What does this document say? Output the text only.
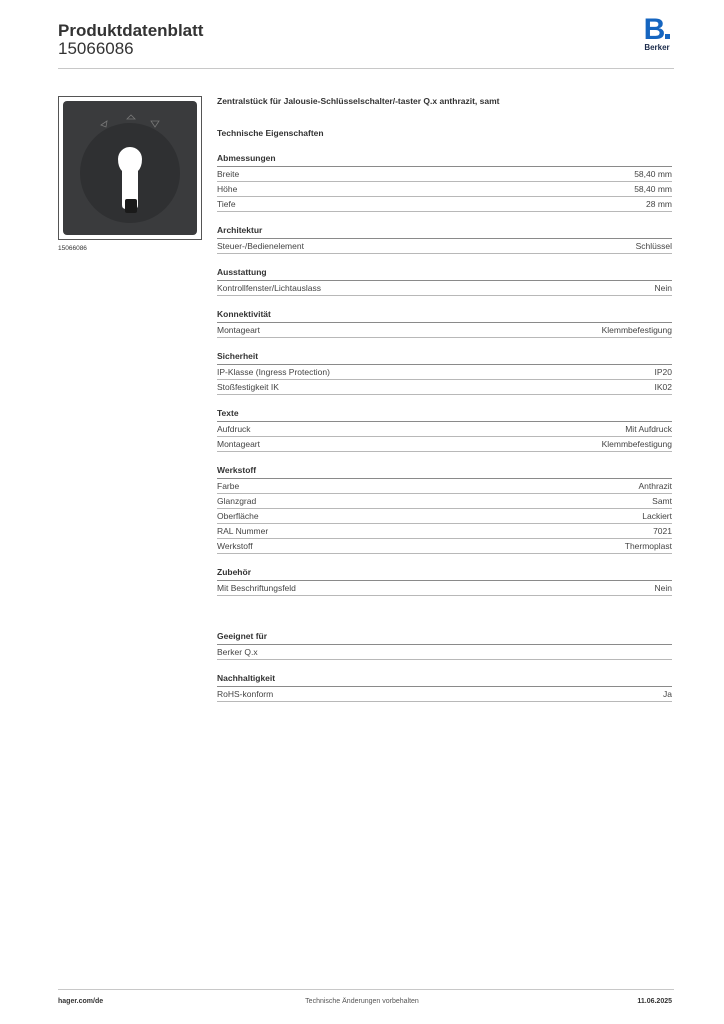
Produktdatenblatt
15066086
B
Berker
15066086
Zentralstück für Jalousie-Schlüsselschalter/-taster Q.x anthrazit, samt
Technische Eigenschaften
Abmessungen
Breite	58,40 mm
Höhe	58,40 mm
Tiefe	28 mm
Architektur
Steuer-/Bedienelement	Schlüssel
Ausstattung
Kontrollfenster/Lichtauslass	Nein
Konnektivität
Montageart	Klemmbefestigung
Sicherheit
IP-Klasse (Ingress Protection)	IP20
Stoßfestigkeit IK	IK02
Texte
Aufdruck	Mit Aufdruck
Montageart	Klemmbefestigung
Werkstoff
Farbe	Anthrazit
Glanzgrad	Samt
Oberfläche	Lackiert
RAL Nummer	7021
Werkstoff	Thermoplast
Zubehör
Mit Beschriftungsfeld	Nein
Geeignet für
Berker Q.x
Nachhaltigkeit
RoHS-konform	Ja
hager.com/de	Technische Änderungen vorbehalten	11.06.2025
